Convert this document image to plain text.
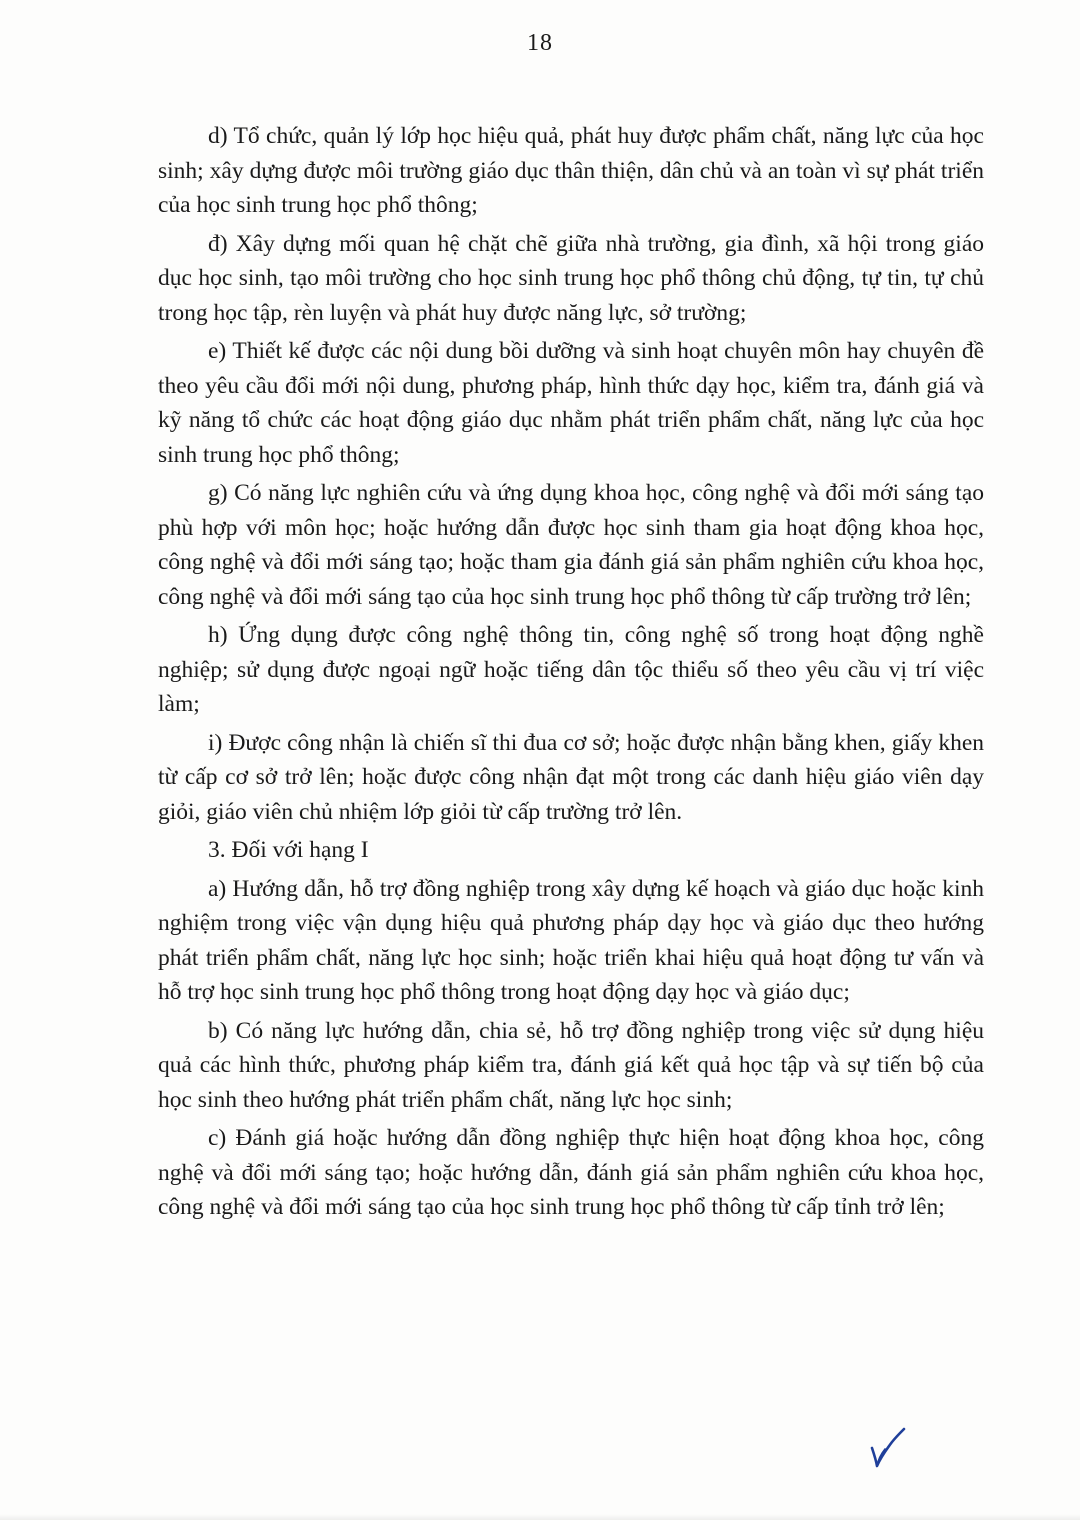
18

d) Tổ chức, quản lý lớp học hiệu quả, phát huy được phẩm chất, năng lực của học sinh; xây dựng được môi trường giáo dục thân thiện, dân chủ và an toàn vì sự phát triển của học sinh trung học phổ thông;

đ) Xây dựng mối quan hệ chặt chẽ giữa nhà trường, gia đình, xã hội trong giáo dục học sinh, tạo môi trường cho học sinh trung học phổ thông chủ động, tự tin, tự chủ trong học tập, rèn luyện và phát huy được năng lực, sở trường;

e) Thiết kế được các nội dung bồi dưỡng và sinh hoạt chuyên môn hay chuyên đề theo yêu cầu đổi mới nội dung, phương pháp, hình thức dạy học, kiểm tra, đánh giá và kỹ năng tổ chức các hoạt động giáo dục nhằm phát triển phẩm chất, năng lực của học sinh trung học phổ thông;

g) Có năng lực nghiên cứu và ứng dụng khoa học, công nghệ và đổi mới sáng tạo phù hợp với môn học; hoặc hướng dẫn được học sinh tham gia hoạt động khoa học, công nghệ và đổi mới sáng tạo; hoặc tham gia đánh giá sản phẩm nghiên cứu khoa học, công nghệ và đổi mới sáng tạo của học sinh trung học phổ thông từ cấp trường trở lên;

h) Ứng dụng được công nghệ thông tin, công nghệ số trong hoạt động nghề nghiệp; sử dụng được ngoại ngữ hoặc tiếng dân tộc thiểu số theo yêu cầu vị trí việc làm;

i) Được công nhận là chiến sĩ thi đua cơ sở; hoặc được nhận bằng khen, giấy khen từ cấp cơ sở trở lên; hoặc được công nhận đạt một trong các danh hiệu giáo viên dạy giỏi, giáo viên chủ nhiệm lớp giỏi từ cấp trường trở lên.

3. Đối với hạng I

a) Hướng dẫn, hỗ trợ đồng nghiệp trong xây dựng kế hoạch và giáo dục hoặc kinh nghiệm trong việc vận dụng hiệu quả phương pháp dạy học và giáo dục theo hướng phát triển phẩm chất, năng lực học sinh; hoặc triển khai hiệu quả hoạt động tư vấn và hỗ trợ học sinh trung học phổ thông trong hoạt động dạy học và giáo dục;

b) Có năng lực hướng dẫn, chia sẻ, hỗ trợ đồng nghiệp trong việc sử dụng hiệu quả các hình thức, phương pháp kiểm tra, đánh giá kết quả học tập và sự tiến bộ của học sinh theo hướng phát triển phẩm chất, năng lực học sinh;

c) Đánh giá hoặc hướng dẫn đồng nghiệp thực hiện hoạt động khoa học, công nghệ và đổi mới sáng tạo; hoặc hướng dẫn, đánh giá sản phẩm nghiên cứu khoa học, công nghệ và đổi mới sáng tạo của học sinh trung học phổ thông từ cấp tỉnh trở lên;
